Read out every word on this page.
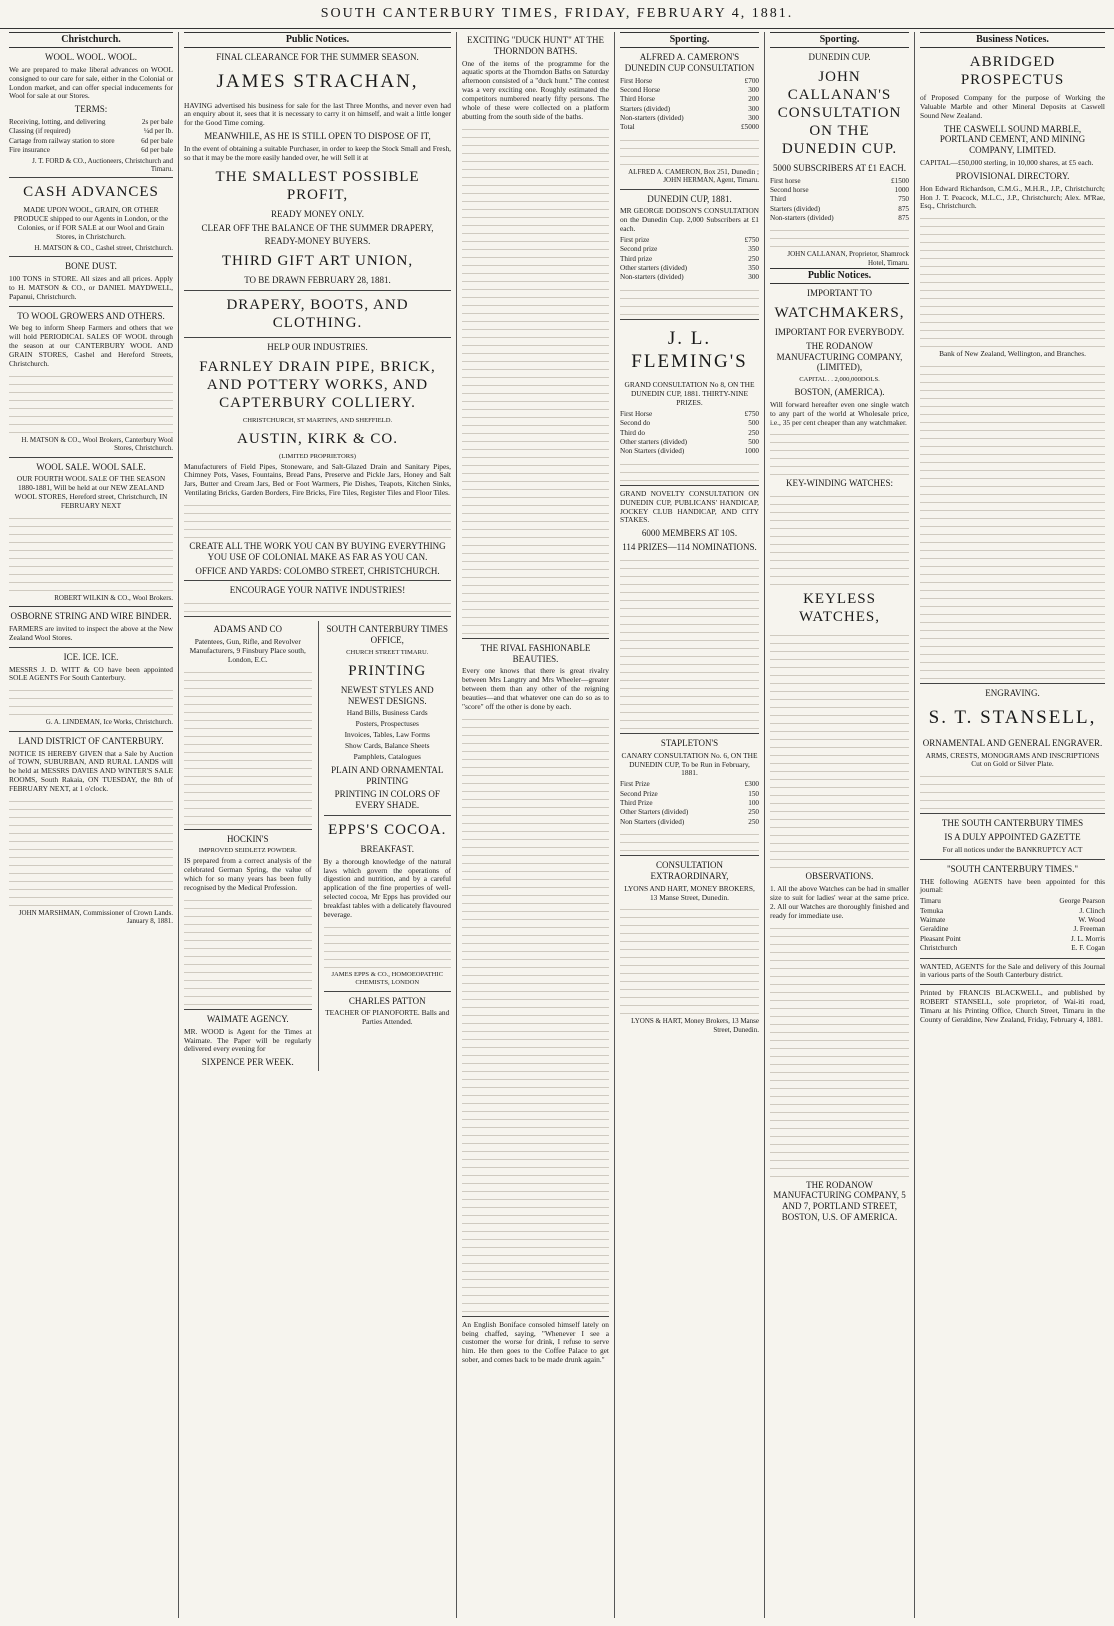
SOUTH CANTERBURY TIMES, FRIDAY, FEBRUARY 4, 1881.
Christchurch.
WOOL. WOOL. WOOL.

We are prepared to make liberal advances on WOOL consigned to our care for sale, either in the Colonial or London market, and can offer special inducements for Wool for sale at our Stores.

TERMS:
Receiving, lotting, and delivering	2s per bale
Classing (if required)	¼d per lb.
Cartage from railway station to store	6d per bale
Fire insurance	6d per bale
J. T. FORD & CO., Auctioneers, Christchurch and Timaru.
CASH ADVANCES

MADE UPON WOOL, GRAIN, OR OTHER PRODUCE shipped to our Agents in London, or the Colonies, or if FOR SALE at our Wool and Grain Stores, in Christchurch.

H. MATSON & CO., Cashel street, Christchurch.
BONE DUST.

100 TONS in STORE. All sizes and all prices. Apply to H. MATSON & CO., or DANIEL MAYDWELL, Papanui, Christchurch.

TO WOOL GROWERS AND OTHERS.

We beg to inform Sheep Farmers and others that we will hold PERIODICAL SALES OF WOOL through the season at our CANTERBURY WOOL AND GRAIN STORES, Cashel and Hereford Streets, Christchurch.

H. MATSON & CO., Wool Brokers, Canterbury Wool Stores, Christchurch.
WOOL SALE. WOOL SALE.

OUR FOURTH WOOL SALE OF THE SEASON 1880-1881, Will be held at our NEW ZEALAND WOOL STORES, Hereford street, Christchurch, IN FEBRUARY NEXT

ROBERT WILKIN & CO., Wool Brokers.
OSBORNE STRING AND WIRE BINDER.

FARMERS are invited to inspect the above at the New Zealand Wool Stores.

ICE. ICE. ICE.

MESSRS J. D. WITT & CO have been appointed SOLE AGENTS For South Canterbury.

G. A. LINDEMAN, Ice Works, Christchurch.
LAND DISTRICT OF CANTERBURY.

NOTICE IS HEREBY GIVEN that a Sale by Auction of TOWN, SUBURBAN, AND RURAL LANDS will be held at MESSRS DAVIES AND WINTER'S SALE ROOMS, South Rakaia, ON TUESDAY, the 8th of FEBRUARY NEXT, at 1 o'clock.

JOHN MARSHMAN, Commissioner of Crown Lands. January 8, 1881.
Public Notices.
FINAL CLEARANCE FOR THE SUMMER SEASON.
JAMES STRACHAN,

HAVING advertised his business for sale for the last Three Months, and never even had an enquiry about it, sees that it is necessary to carry it on himself, and wait a little longer for the Good Time coming.

MEANWHILE, AS HE IS STILL OPEN TO DISPOSE OF IT,

In the event of obtaining a suitable Purchaser, in order to keep the Stock Small and Fresh, so that it may be the more easily handed over, he will Sell it at

THE SMALLEST POSSIBLE PROFIT,
READY MONEY ONLY.
CLEAR OFF THE BALANCE OF THE SUMMER DRAPERY,
READY-MONEY BUYERS.
THIRD GIFT ART UNION,
TO BE DRAWN FEBRUARY 28, 1881.
DRAPERY, BOOTS, AND CLOTHING.
HELP OUR INDUSTRIES.
FARNLEY DRAIN PIPE, BRICK, AND POTTERY WORKS, AND CAPTERBURY COLLIERY.
CHRISTCHURCH, ST MARTIN'S, AND SHEFFIELD.
AUSTIN, KIRK & CO.
(LIMITED PROPRIETORS)

Manufacturers of Field Pipes, Stoneware, and Salt-Glazed Drain and Sanitary Pipes, Chimney Pots, Vases, Fountains, Bread Pans, Preserve and Pickle Jars, Honey and Salt Jars, Butter and Cream Jars, Bed or Foot Warmers, Pie Dishes, Teapots, Kitchen Sinks, Ventilating Bricks, Garden Borders, Fire Bricks, Fire Tiles, Register Tiles and Floor Tiles.

CREATE ALL THE WORK YOU CAN BY BUYING EVERYTHING YOU USE OF COLONIAL MAKE AS FAR AS YOU CAN.
OFFICE AND YARDS: COLOMBO STREET, CHRISTCHURCH.
ENCOURAGE YOUR NATIVE INDUSTRIES!
ADAMS AND CO

Patentees, Gun, Rifle, and Revolver Manufacturers, 9 Finsbury Place south, London, E.C.

HOCKIN'S
IMPROVED SEIDLETZ POWDER.

IS prepared from a correct analysis of the celebrated German Spring, the value of which for so many years has been fully recognised by the Medical Profession.

WAIMATE AGENCY.

MR. WOOD is Agent for the Times at Waimate. The Paper will be regularly delivered every evening for

SIXPENCE PER WEEK.
SOUTH CANTERBURY TIMES OFFICE,
CHURCH STREET TIMARU.
PRINTING
NEWEST STYLES AND NEWEST DESIGNS.

Hand Bills, Business Cards

Posters, Prospectuses

Invoices, Tables, Law Forms

Show Cards, Balance Sheets

Pamphlets, Catalogues

PLAIN AND ORNAMENTAL PRINTING
PRINTING IN COLORS OF EVERY SHADE.
EPPS'S COCOA.
BREAKFAST.

By a thorough knowledge of the natural laws which govern the operations of digestion and nutrition, and by a careful application of the fine properties of well-selected cocoa, Mr Epps has provided our breakfast tables with a delicately flavoured beverage.

JAMES EPPS & CO., HOMOEOPATHIC CHEMISTS, LONDON
CHARLES PATTON

TEACHER OF PIANOFORTE. Balls and Parties Attended.

EXCITING "DUCK HUNT" AT THE THORNDON BATHS.

One of the items of the programme for the aquatic sports at the Thorndon Baths on Saturday afternoon consisted of a "duck hunt." The contest was a very exciting one. Roughly estimated the competitors numbered nearly fifty persons. The whole of these were collected on a platform abutting from the south side of the baths.

THE RIVAL FASHIONABLE BEAUTIES.

Every one knows that there is great rivalry between Mrs Langtry and Mrs Wheeler—greater between them than any other of the reigning beauties—and that whatever one can do so as to "score" off the other is done by each.

An English Boniface consoled himself lately on being chaffed, saying, "Whenever I see a customer the worse for drink, I refuse to serve him. He then goes to the Coffee Palace to get sober, and comes back to be made drunk again."

Sporting.
ALFRED A. CAMERON'S DUNEDIN CUP CONSULTATION
First Horse	£700
Second Horse	300
Third Horse	200
Starters (divided)	300
Non-starters (divided)	300
Total	£5000
ALFRED A. CAMERON, Box 251, Dunedin ; JOHN HERMAN, Agent, Timaru.
DUNEDIN CUP, 1881.

MR GEORGE DODSON'S CONSULTATION on the Dunedin Cup. 2,000 Subscribers at £1 each.

First prize	£750
Second prize	350
Third prize	250
Other starters (divided)	350
Non-starters (divided)	300
J. L. FLEMING'S

GRAND CONSULTATION No 8, ON THE DUNEDIN CUP, 1881. THIRTY-NINE PRIZES.

First Horse	£750
Second do	500
Third do	250
Other starters (divided)	500
Non Starters (divided)	1000

GRAND NOVELTY CONSULTATION ON DUNEDIN CUP, PUBLICANS' HANDICAP, JOCKEY CLUB HANDICAP, AND CITY STAKES.

6000 MEMBERS AT 10S.
114 PRIZES—114 NOMINATIONS.
STAPLETON'S

CANARY CONSULTATION No. 6, ON THE DUNEDIN CUP, To be Run in February, 1881.

First Prize	£300
Second Prize	150
Third Prize	100
Other Starters (divided)	250
Non Starters (divided)	250
CONSULTATION EXTRAORDINARY,

LYONS AND HART, MONEY BROKERS, 13 Manse Street, Dunedin.

LYONS & HART, Money Brokers, 13 Manse Street, Dunedin.
Sporting.
DUNEDIN CUP.
JOHN CALLANAN'S CONSULTATION ON THE DUNEDIN CUP.
5000 SUBSCRIBERS AT £1 EACH.
First horse	£1500
Second horse	1000
Third	750
Starters (divided)	875
Non-starters (divided)	875
JOHN CALLANAN, Proprietor, Shamrock Hotel, Timaru.
Public Notices.
IMPORTANT TO
WATCHMAKERS,
IMPORTANT FOR EVERYBODY.
THE RODANOW MANUFACTURING COMPANY, (LIMITED),
CAPITAL . . 2,000,000DOLS.
BOSTON, (AMERICA).

Will forward hereafter even one single watch to any part of the world at Wholesale price, i.e., 35 per cent cheaper than any watchmaker.

KEY-WINDING WATCHES:
KEYLESS WATCHES,
OBSERVATIONS.

1. All the above Watches can be had in smaller size to suit for ladies' wear at the same price. 2. All our Watches are thoroughly finished and ready for immediate use.

THE RODANOW MANUFACTURING COMPANY, 5 AND 7, PORTLAND STREET, BOSTON, U.S. OF AMERICA.
Business Notices.
ABRIDGED PROSPECTUS

of Proposed Company for the purpose of Working the Valuable Marble and other Mineral Deposits at Caswell Sound New Zealand.

THE CASWELL SOUND MARBLE, PORTLAND CEMENT, AND MINING COMPANY, LIMITED.

CAPITAL—£50,000 sterling, in 10,000 shares, at £5 each.

PROVISIONAL DIRECTORY.

Hon Edward Richardson, C.M.G., M.H.R., J.P., Christchurch; Hon J. T. Peacock, M.L.C., J.P., Christchurch; Alex. M'Rae, Esq., Christchurch.

Bank of New Zealand, Wellington, and Branches.

ENGRAVING.
S. T. STANSELL,
ORNAMENTAL AND GENERAL ENGRAVER.

ARMS, CRESTS, MONOGRAMS AND INSCRIPTIONS Cut on Gold or Silver Plate.

THE SOUTH CANTERBURY TIMES
IS A DULY APPOINTED GAZETTE

For all notices under the BANKRUPTCY ACT

"SOUTH CANTERBURY TIMES."

THE following AGENTS have been appointed for this journal:

Timaru	George Pearson
Temuka	J. Clinch
Waimate	W. Wood
Geraldine	J. Freeman
Pleasant Point	J. L. Morris
Christchurch	E. F. Cogan

WANTED, AGENTS for the Sale and delivery of this Journal in various parts of the South Canterbury district.

Printed by FRANCIS BLACKWELL, and published by ROBERT STANSELL, sole proprietor, of Wai-iti road, Timaru at his Printing Office, Church Street, Timaru in the County of Geraldine, New Zealand, Friday, February 4, 1881.
